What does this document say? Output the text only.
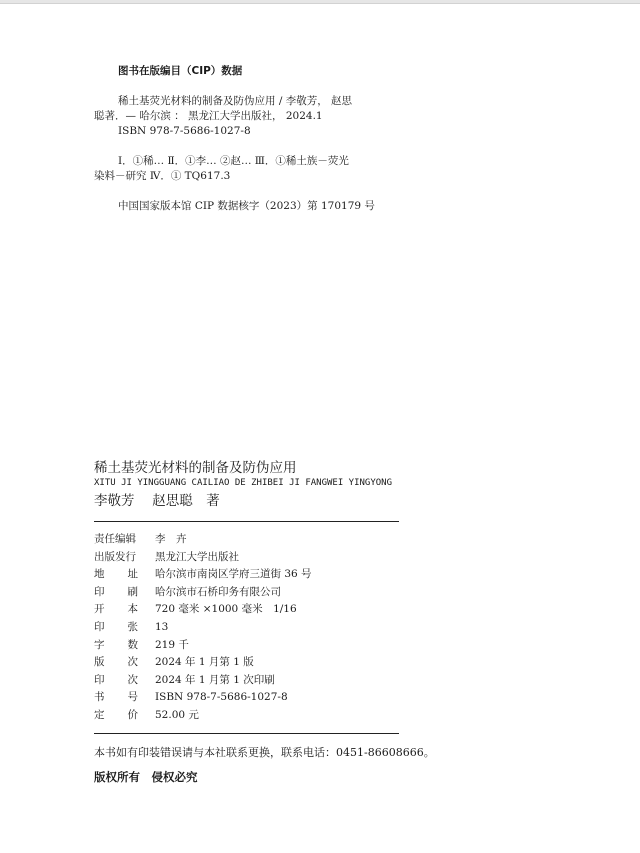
图书在版编目（CIP）数据
稀土基荧光材料的制备及防伪应用 / 李敬芳， 赵思
聪著．— 哈尔滨 ： 黑龙江大学出版社， 2024.1
ISBN 978-7-5686-1027-8
Ⅰ．①稀… Ⅱ．①李… ②赵… Ⅲ．①稀土族－荧光
染料－研究 Ⅳ．① TQ617.3
中国国家版本馆 CIP 数据核字（2023）第 170179 号
稀土基荧光材料的制备及防伪应用
XITU JI YINGGUANG CAILIAO DE ZHIBEI JI FANGWEI YINGYONG
李敬芳　 赵思聪　著
责任编辑 李　卉
出版发行 黑龙江大学出版社
地 址 哈尔滨市南岗区学府三道街 36 号
印 刷 哈尔滨市石桥印务有限公司
开 本 720 毫米 ×1000 毫米　1/16
印 张 13
字 数 219 千
版 次 2024 年 1 月第 1 版
印 次 2024 年 1 月第 1 次印刷
书 号 ISBN 978-7-5686-1027-8
定 价 52.00 元
本书如有印装错误请与本社联系更换，联系电话：0451-86608666。
版权所有　侵权必究
